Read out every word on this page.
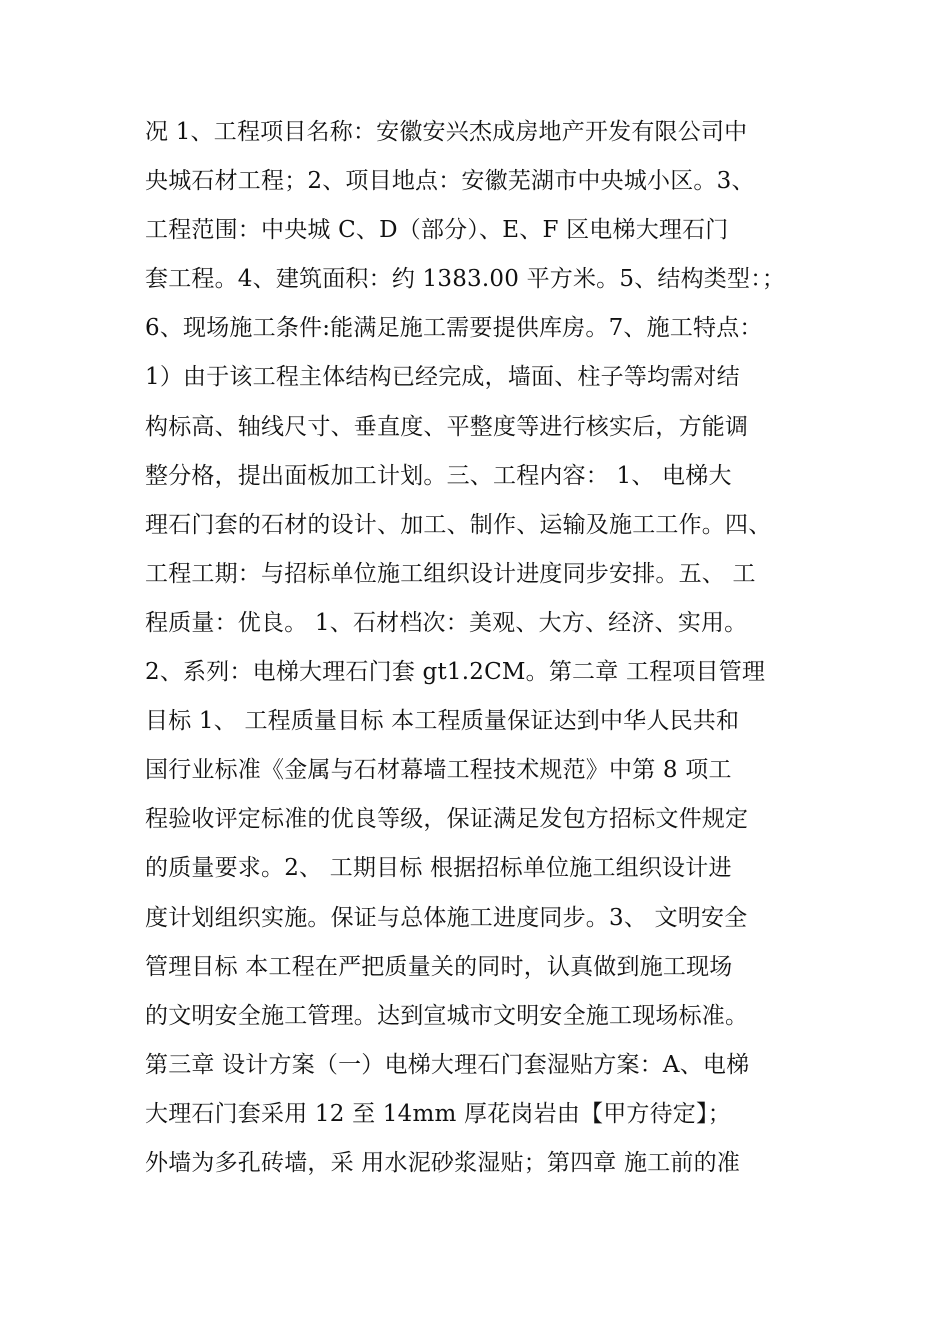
况 1、工程项目名称：安徽安兴杰成房地产开发有限公司中
央城石材工程；2、项目地点：安徽芜湖市中央城小区。3、
工程范围：中央城 C、D（部分）、E、F 区电梯大理石门
套工程。4、建筑面积：约 1383.00 平方米。5、结构类型：；
6、现场施工条件:能满足施工需要提供库房。7、施工特点：
1）由于该工程主体结构已经完成，墙面、柱子等均需对结
构标高、轴线尺寸、垂直度、平整度等进行核实后，方能调
整分格，提出面板加工计划。三、工程内容： 1、 电梯大
理石门套的石材的设计、加工、制作、运输及施工工作。四、
工程工期：与招标单位施工组织设计进度同步安排。五、 工
程质量：优良。 1、石材档次：美观、大方、经济、实用。
2、系列：电梯大理石门套 gt1.2CM。第二章 工程项目管理
目标 1、 工程质量目标 本工程质量保证达到中华人民共和
国行业标准《金属与石材幕墙工程技术规范》中第 8 项工
程验收评定标准的优良等级，保证满足发包方招标文件规定
的质量要求。2、 工期目标 根据招标单位施工组织设计进
度计划组织实施。保证与总体施工进度同步。3、 文明安全
管理目标 本工程在严把质量关的同时，认真做到施工现场
的文明安全施工管理。达到宣城市文明安全施工现场标准。
第三章 设计方案（一）电梯大理石门套湿贴方案：A、电梯
大理石门套采用 12 至 14mm 厚花岗岩由【甲方待定】；
外墙为多孔砖墙，采 用水泥砂浆湿贴；第四章 施工前的准
